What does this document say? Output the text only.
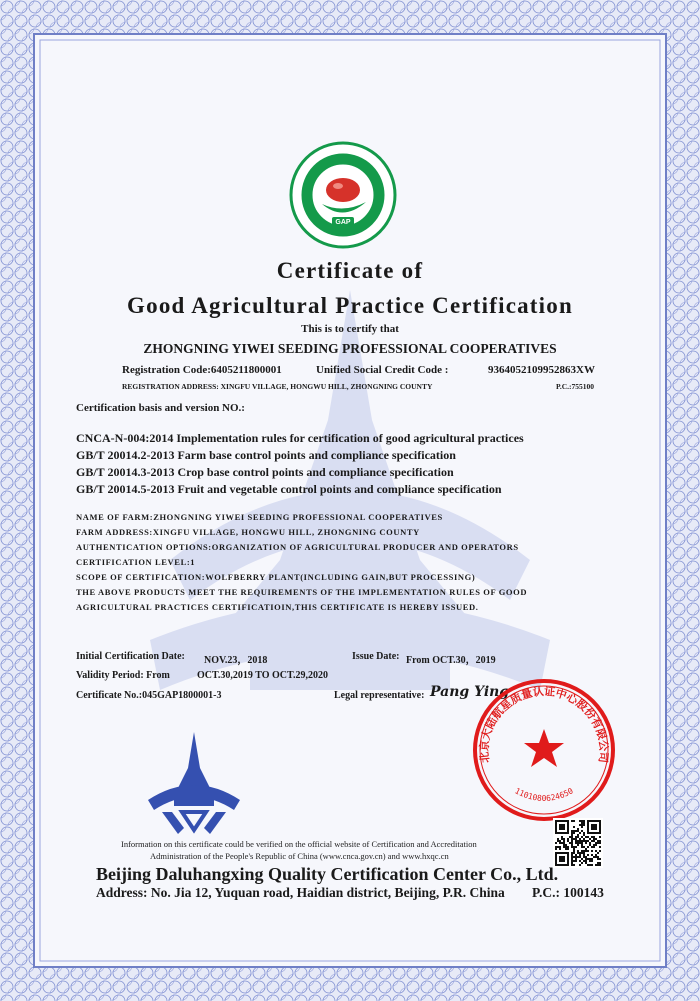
GAP
Certificate of
Good Agricultural Practice Certification
This is to certify that
ZHONGNING YIWEI SEEDING PROFESSIONAL COOPERATIVES
Registration Code:6405211800001	Unified Social Credit Code :	9364052109952863XW
REGISTRATION ADDRESS: XINGFU VILLAGE, HONGWU HILL, ZHONGNING COUNTY	P.C.:755100
Certification basis and version NO.:
CNCA-N-004:2014 Implementation rules for certification of good agricultural practices
GB/T 20014.2-2013 Farm base control points and compliance specification
GB/T 20014.3-2013 Crop base control points and compliance specification
GB/T 20014.5-2013 Fruit and vegetable control points and compliance specification
NAME OF FARM:ZHONGNING YIWEI SEEDING PROFESSIONAL COOPERATIVES
FARM ADDRESS:XINGFU VILLAGE, HONGWU HILL, ZHONGNING COUNTY
AUTHENTICATION OPTIONS:ORGANIZATION OF AGRICULTURAL PRODUCER AND OPERATORS
CERTIFICATION LEVEL:1
SCOPE OF CERTIFICATION:WOLFBERRY PLANT(INCLUDING GAIN,BUT PROCESSING)
THE ABOVE PRODUCTS MEET THE REQUIREMENTS OF THE IMPLEMENTATION RULES OF GOOD
AGRICULTURAL PRACTICES CERTIFICATIOIN,THIS CERTIFICATE IS HEREBY ISSUED.
Initial Certification Date: NOV.23，2018	Issue Date: From OCT.30，2019
Validity Period: From	OCT.30,2019 TO OCT.29,2020
Certificate No.:045GAP1800001-3	Legal representative: Pang Ying
北京大陆航星质量认证中心股份有限公司
1101080624650
Information on this certificate could be verified on the official website of Certification and Accreditation
Administration of the People's Republic of China (www.cnca.gov.cn) and www.hxqc.cn
Beijing Daluhangxing Quality Certification Center Co., Ltd.
Address: No. Jia 12, Yuquan road, Haidian district, Beijing, P.R. China P.C.: 100143
